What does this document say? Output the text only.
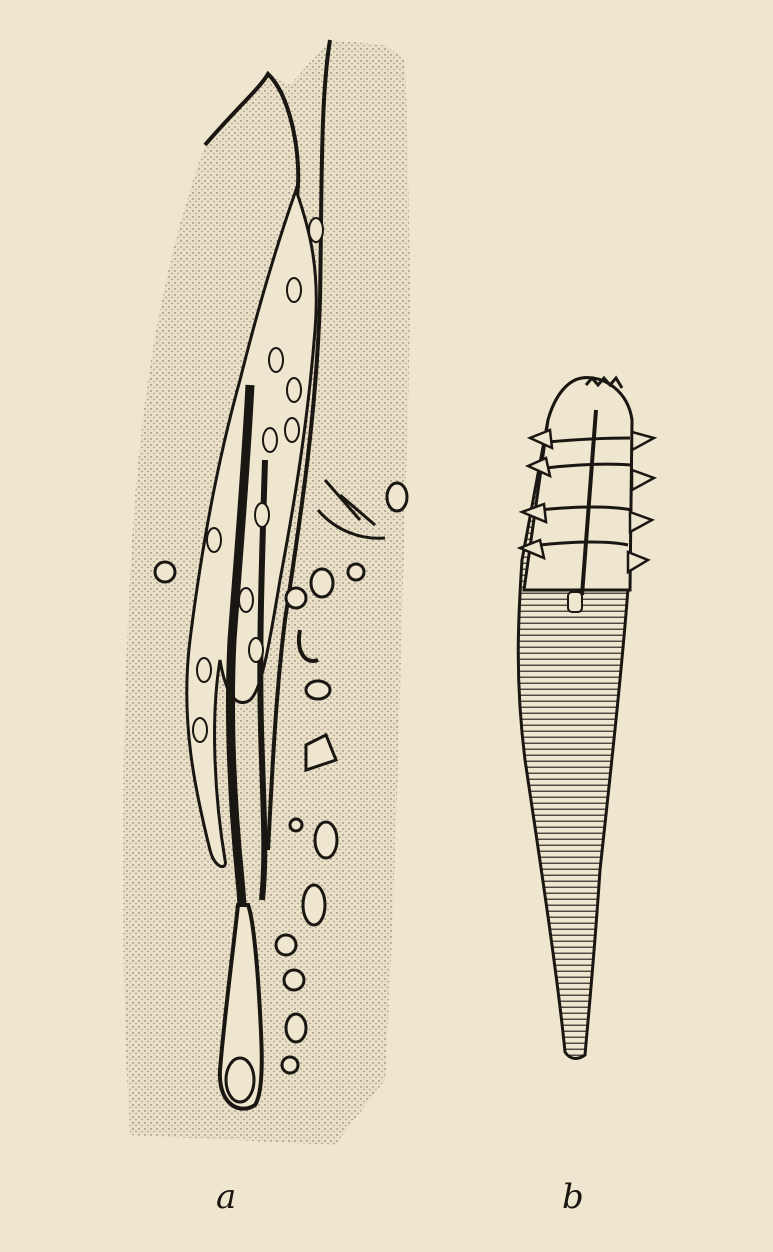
a	b
